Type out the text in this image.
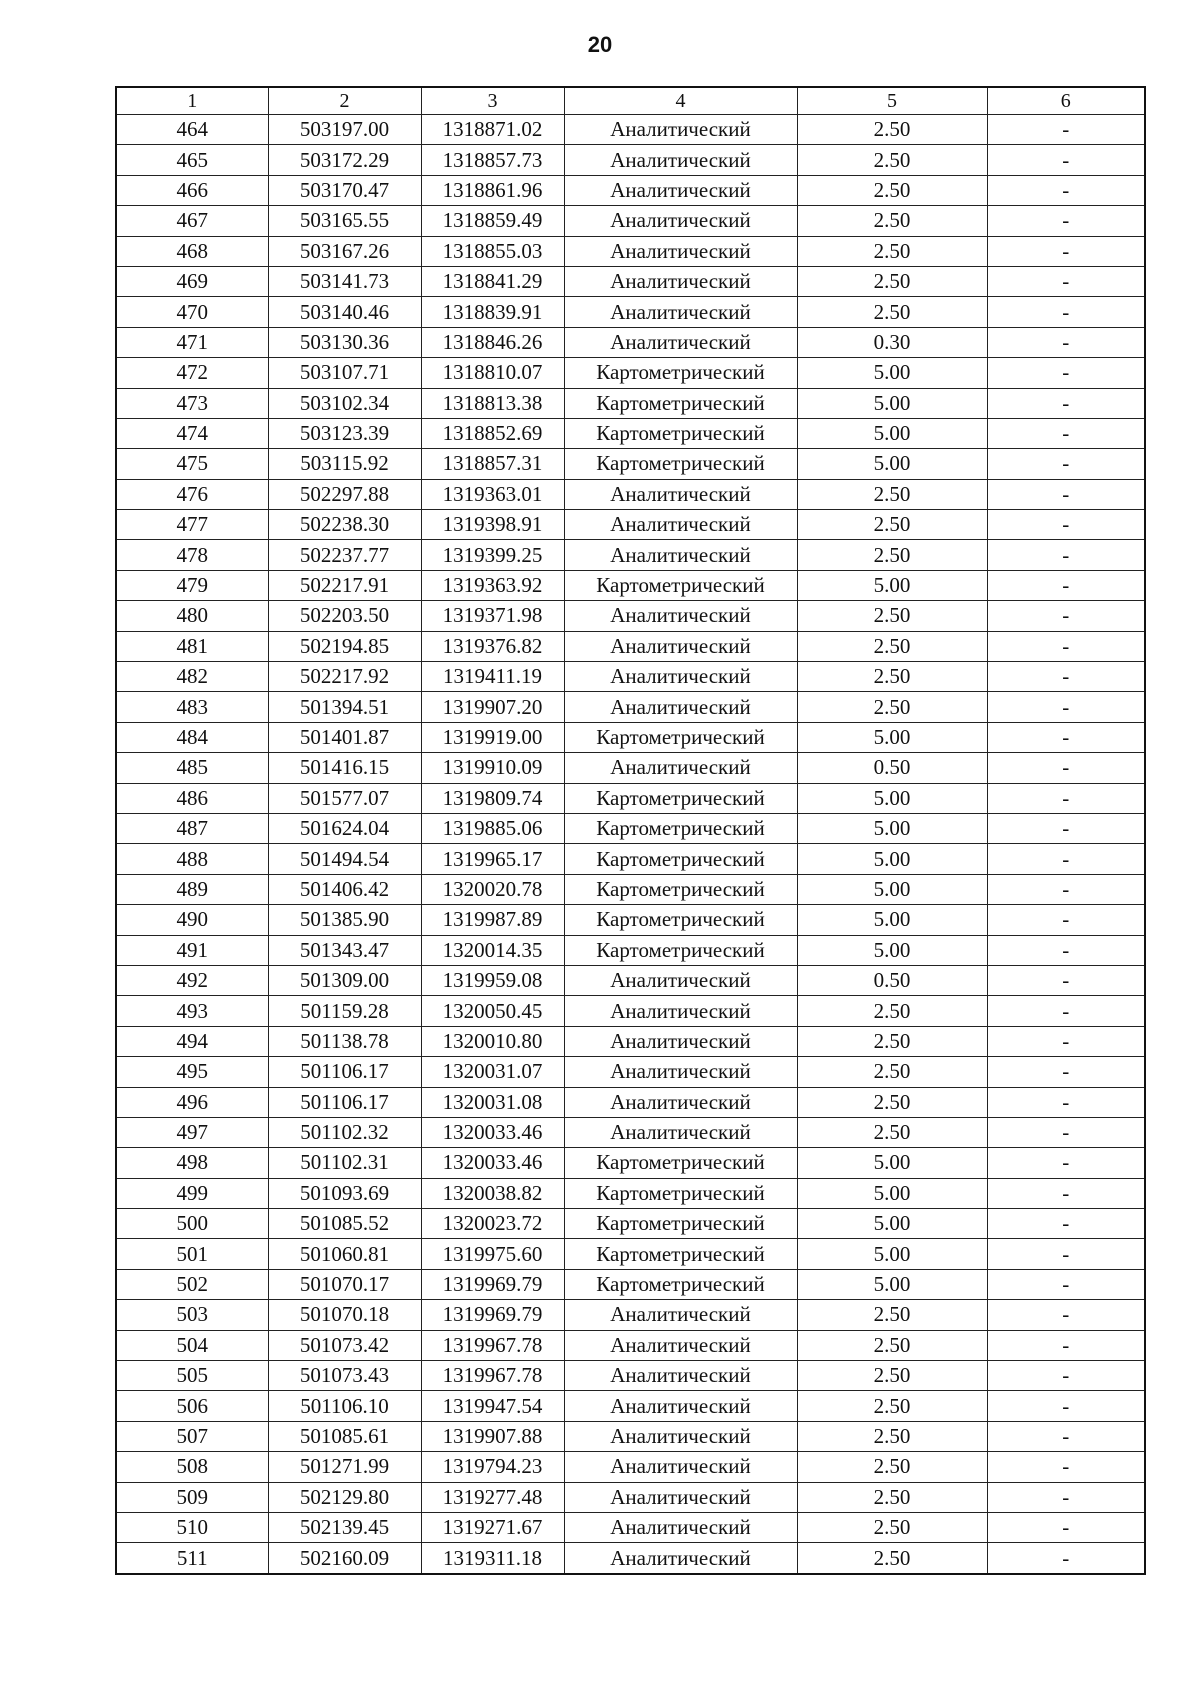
20
1	2	3	4	5	6
464	503197.00	1318871.02	Аналитический	2.50	-
465	503172.29	1318857.73	Аналитический	2.50	-
466	503170.47	1318861.96	Аналитический	2.50	-
467	503165.55	1318859.49	Аналитический	2.50	-
468	503167.26	1318855.03	Аналитический	2.50	-
469	503141.73	1318841.29	Аналитический	2.50	-
470	503140.46	1318839.91	Аналитический	2.50	-
471	503130.36	1318846.26	Аналитический	0.30	-
472	503107.71	1318810.07	Картометрический	5.00	-
473	503102.34	1318813.38	Картометрический	5.00	-
474	503123.39	1318852.69	Картометрический	5.00	-
475	503115.92	1318857.31	Картометрический	5.00	-
476	502297.88	1319363.01	Аналитический	2.50	-
477	502238.30	1319398.91	Аналитический	2.50	-
478	502237.77	1319399.25	Аналитический	2.50	-
479	502217.91	1319363.92	Картометрический	5.00	-
480	502203.50	1319371.98	Аналитический	2.50	-
481	502194.85	1319376.82	Аналитический	2.50	-
482	502217.92	1319411.19	Аналитический	2.50	-
483	501394.51	1319907.20	Аналитический	2.50	-
484	501401.87	1319919.00	Картометрический	5.00	-
485	501416.15	1319910.09	Аналитический	0.50	-
486	501577.07	1319809.74	Картометрический	5.00	-
487	501624.04	1319885.06	Картометрический	5.00	-
488	501494.54	1319965.17	Картометрический	5.00	-
489	501406.42	1320020.78	Картометрический	5.00	-
490	501385.90	1319987.89	Картометрический	5.00	-
491	501343.47	1320014.35	Картометрический	5.00	-
492	501309.00	1319959.08	Аналитический	0.50	-
493	501159.28	1320050.45	Аналитический	2.50	-
494	501138.78	1320010.80	Аналитический	2.50	-
495	501106.17	1320031.07	Аналитический	2.50	-
496	501106.17	1320031.08	Аналитический	2.50	-
497	501102.32	1320033.46	Аналитический	2.50	-
498	501102.31	1320033.46	Картометрический	5.00	-
499	501093.69	1320038.82	Картометрический	5.00	-
500	501085.52	1320023.72	Картометрический	5.00	-
501	501060.81	1319975.60	Картометрический	5.00	-
502	501070.17	1319969.79	Картометрический	5.00	-
503	501070.18	1319969.79	Аналитический	2.50	-
504	501073.42	1319967.78	Аналитический	2.50	-
505	501073.43	1319967.78	Аналитический	2.50	-
506	501106.10	1319947.54	Аналитический	2.50	-
507	501085.61	1319907.88	Аналитический	2.50	-
508	501271.99	1319794.23	Аналитический	2.50	-
509	502129.80	1319277.48	Аналитический	2.50	-
510	502139.45	1319271.67	Аналитический	2.50	-
511	502160.09	1319311.18	Аналитический	2.50	-
